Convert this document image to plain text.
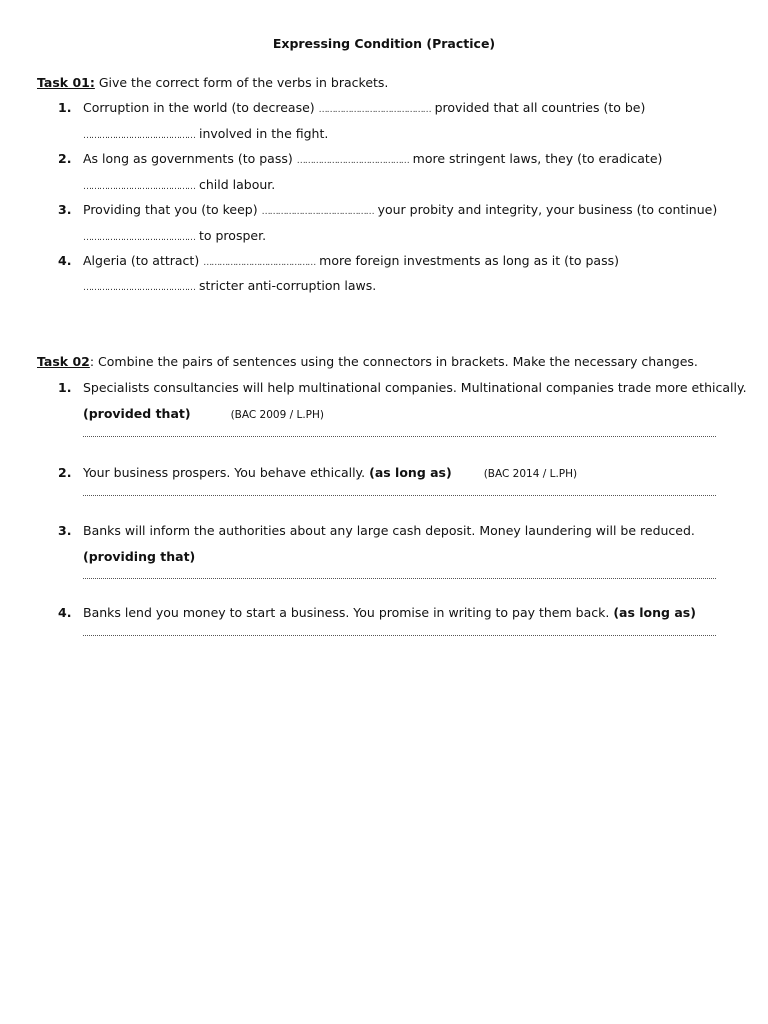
Expressing Condition (Practice)
Task 01: Give the correct form of the verbs in brackets.
1. Corruption in the world (to decrease) …………………………………… provided that all countries (to be)
…………………………………… involved in the fight.
2. As long as governments (to pass) …………………………………… more stringent laws, they (to eradicate)
…………………………………… child labour.
3. Providing that you (to keep) …………………………………… your probity and integrity, your business (to continue)
…………………………………… to prosper.
4. Algeria (to attract) …………………………………… more foreign investments as long as it (to pass)
…………………………………… stricter anti-corruption laws.
Task 02: Combine the pairs of sentences using the connectors in brackets. Make the necessary changes.
1. Specialists consultancies will help multinational companies. Multinational companies trade more ethically.
(provided that)	(BAC 2009 / L.PH)
2. Your business prospers. You behave ethically. (as long as)	(BAC 2014 / L.PH)
3. Banks will inform the authorities about any large cash deposit. Money laundering will be reduced.
(providing that)
4. Banks lend you money to start a business. You promise in writing to pay them back. (as long as)
